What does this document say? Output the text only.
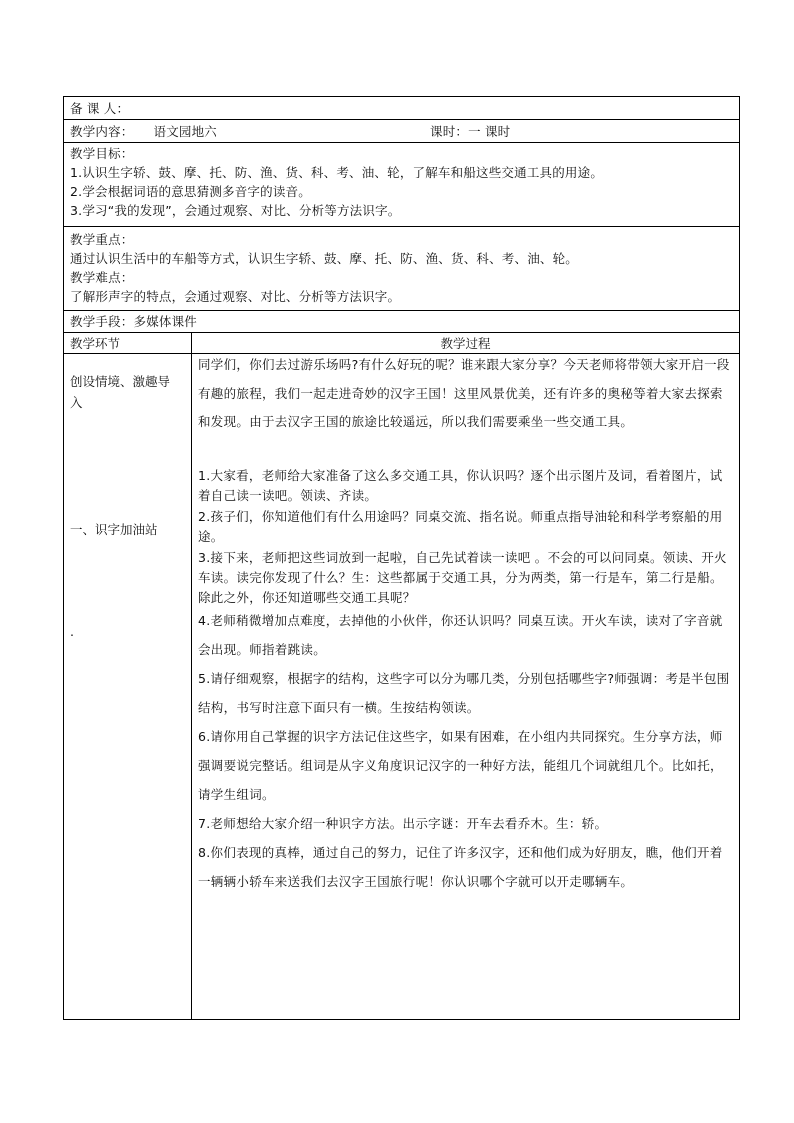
备 课 人：
教学内容： 语文园地六	课时：一 课时
教学目标：
1.认识生字轿、鼓、摩、托、防、渔、货、科、考、油、轮，了解车和船这些交通工具的用途。
2.学会根据词语的意思猜测多音字的读音。
3.学习“我的发现”，会通过观察、对比、分析等方法识字。
教学重点：
通过认识生活中的车船等方式，认识生字轿、鼓、摩、托、防、渔、货、科、考、油、轮。
教学难点：
了解形声字的特点，会通过观察、对比、分析等方法识字。
教学手段：多媒体课件
教学环节	教学过程
创设情境、激趣导入
一、识字加油站
.

同学们，你们去过游乐场吗?有什么好玩的呢？谁来跟大家分享？今天老师将带领大家开启一段有趣的旅程，我们一起走进奇妙的汉字王国！这里风景优美，还有许多的奥秘等着大家去探索和发现。由于去汉字王国的旅途比较遥远，所以我们需要乘坐一些交通工具。

1.大家看，老师给大家准备了这么多交通工具，你认识吗？逐个出示图片及词，看着图片，试着自己读一读吧。领读、齐读。

2.孩子们，你知道他们有什么用途吗？同桌交流、指名说。师重点指导油轮和科学考察船的用途。

3.接下来，老师把这些词放到一起啦，自己先试着读一读吧 。不会的可以问同桌。领读、开火车读。读完你发现了什么？生：这些都属于交通工具，分为两类，第一行是车，第二行是船。除此之外，你还知道哪些交通工具呢？

4.老师稍微增加点难度，去掉他的小伙伴，你还认识吗？同桌互读。开火车读，读对了字音就会出现。师指着跳读。

5.请仔细观察，根据字的结构，这些字可以分为哪几类，分别包括哪些字?师强调：考是半包围结构，书写时注意下面只有一横。生按结构领读。

6.请你用自己掌握的识字方法记住这些字，如果有困难，在小组内共同探究。生分享方法，师强调要说完整话。组词是从字义角度识记汉字的一种好方法，能组几个词就组几个。比如托，请学生组词。

7.老师想给大家介绍一种识字方法。出示字谜：开车去看乔木。生：轿。

8.你们表现的真棒，通过自己的努力，记住了许多汉字，还和他们成为好朋友，瞧，他们开着一辆辆小轿车来送我们去汉字王国旅行呢！你认识哪个字就可以开走哪辆车。
